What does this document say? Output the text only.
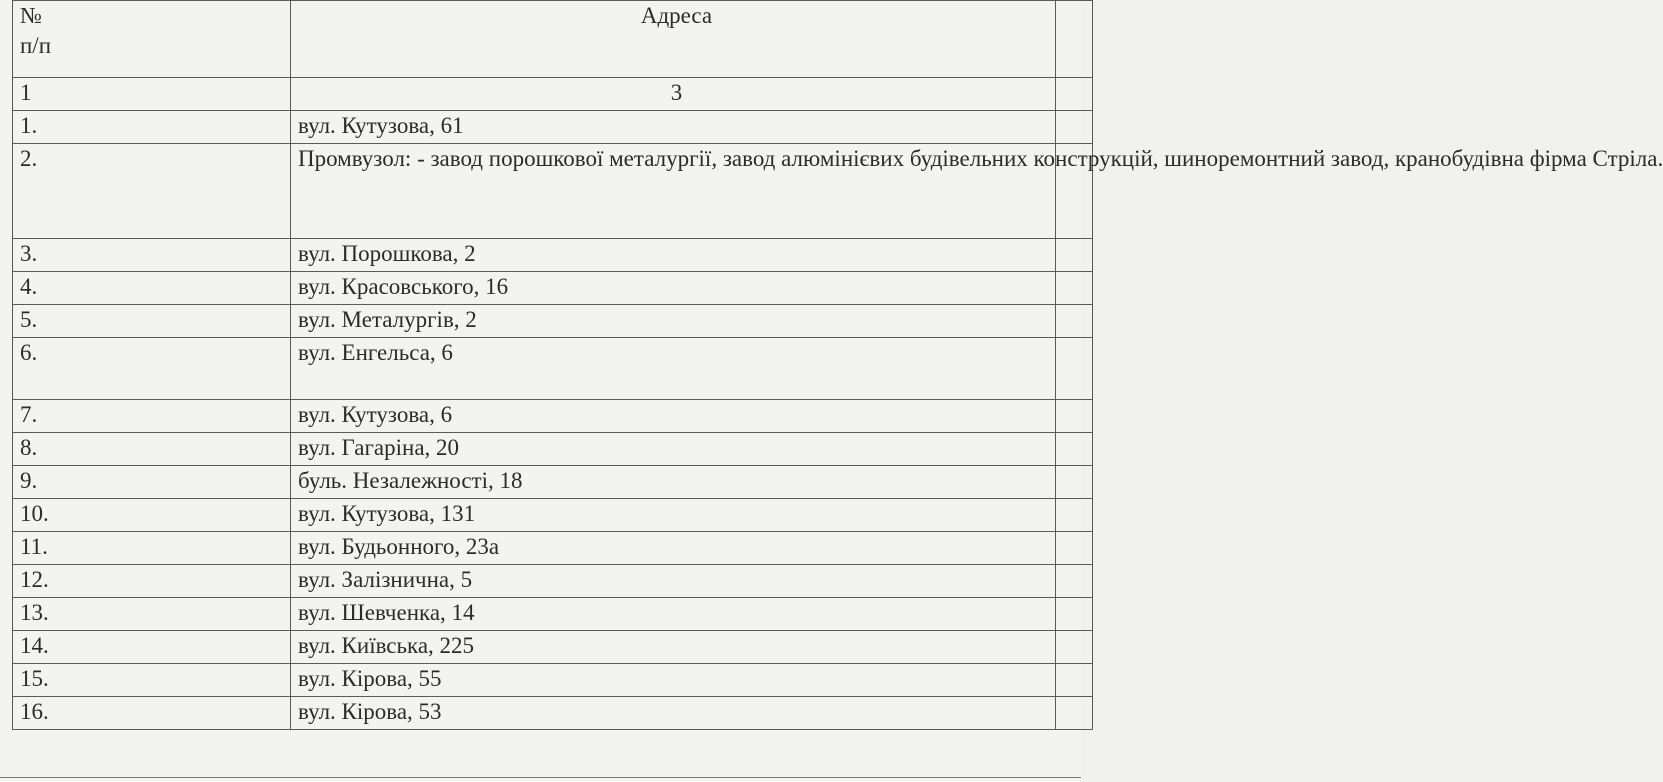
№
п/п	Адреса	
1	3	
1.	вул. Кутузова, 61	
2.	Промвузол: - завод порошкової металургії, завод алюмінієвих будівельних конструкцій, шиноремонтний завод, кранобудівна фірма Стріла.	
3.	вул. Порошкова, 2	
4.	вул. Красовського, 16	
5.	вул. Металургів, 2	
6.	вул. Енгельса, 6	
7.	вул. Кутузова, 6	
8.	вул. Гагаріна, 20	
9.	буль. Незалежності, 18	
10.	вул. Кутузова, 131	
11.	вул. Будьонного, 23а	
12.	вул. Залізнична, 5	
13.	вул. Шевченка, 14	
14.	вул. Київська, 225	
15.	вул. Кірова, 55	
16.	вул. Кірова, 53	
